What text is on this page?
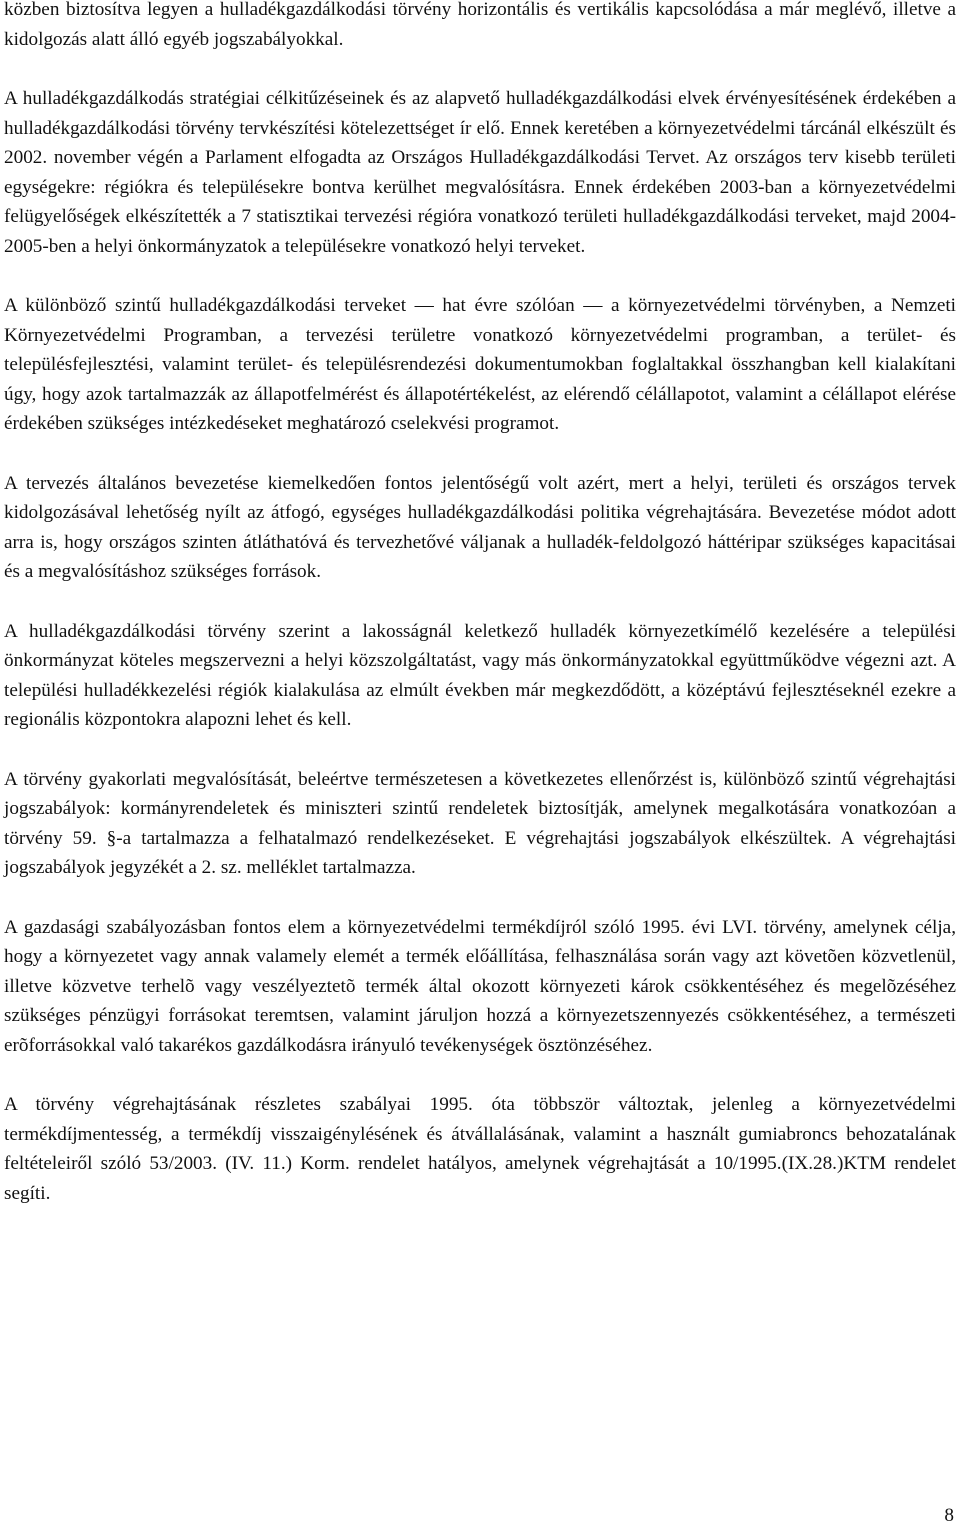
közben biztosítva legyen a hulladékgazdálkodási törvény horizontális és vertikális kapcsolódása a már meglévő, illetve a kidolgozás alatt álló egyéb jogszabályokkal.

A hulladékgazdálkodás stratégiai célkitűzéseinek és az alapvető hulladékgazdálkodási elvek érvényesítésének érdekében a hulladékgazdálkodási törvény tervkészítési kötelezettséget ír elő. Ennek keretében a környezetvédelmi tárcánál elkészült és 2002. november végén a Parlament elfogadta az Országos Hulladékgazdálkodási Tervet. Az országos terv kisebb területi egységekre: régiókra és településekre bontva kerülhet megvalósításra. Ennek érdekében 2003-ban a környezetvédelmi felügyelőségek elkészítették a 7 statisztikai tervezési régióra vonatkozó területi hulladékgazdálkodási terveket, majd 2004-2005-ben a helyi önkormányzatok a településekre vonatkozó helyi terveket.

A különböző szintű hulladékgazdálkodási terveket — hat évre szólóan — a környezetvédelmi törvényben, a Nemzeti Környezetvédelmi Programban, a tervezési területre vonatkozó környezetvédelmi programban, a terület- és településfejlesztési, valamint terület- és településrendezési dokumentumokban foglaltakkal összhangban kell kialakítani úgy, hogy azok tartalmazzák az állapotfelmérést és állapotértékelést, az elérendő célállapotot, valamint a célállapot elérése érdekében szükséges intézkedéseket meghatározó cselekvési programot.

A tervezés általános bevezetése kiemelkedően fontos jelentőségű volt azért, mert a helyi, területi és országos tervek kidolgozásával lehetőség nyílt az átfogó, egységes hulladékgazdálkodási politika végrehajtására. Bevezetése módot adott arra is, hogy országos szinten átláthatóvá és tervezhetővé váljanak a hulladék-feldolgozó háttéripar szükséges kapacitásai és a megvalósításhoz szükséges források.

A hulladékgazdálkodási törvény szerint a lakosságnál keletkező hulladék környezetkímélő kezelésére a települési önkormányzat köteles megszervezni a helyi közszolgáltatást, vagy más önkormányzatokkal együttműködve végezni azt. A települési hulladékkezelési régiók kialakulása az elmúlt években már megkezdődött, a középtávú fejlesztéseknél ezekre a regionális központokra alapozni lehet és kell.

A törvény gyakorlati megvalósítását, beleértve természetesen a következetes ellenőrzést is, különböző szintű végrehajtási jogszabályok: kormányrendeletek és miniszteri szintű rendeletek biztosítják, amelynek megalkotására vonatkozóan a törvény 59. §-a tartalmazza a felhatalmazó rendelkezéseket. E végrehajtási jogszabályok elkészültek. A végrehajtási jogszabályok jegyzékét a 2. sz. melléklet tartalmazza.

A gazdasági szabályozásban fontos elem a környezetvédelmi termékdíjról szóló 1995. évi LVI. törvény, amelynek célja, hogy a környezetet vagy annak valamely elemét a termék előállítása, felhasználása során vagy azt követõen közvetlenül, illetve közvetve terhelõ vagy veszélyeztetõ termék által okozott környezeti károk csökkentéséhez és megelõzéséhez szükséges pénzügyi forrásokat teremtsen, valamint járuljon hozzá a környezetszennyezés csökkentéséhez, a természeti erõforrásokkal való takarékos gazdálkodásra irányuló tevékenységek ösztönzéséhez.

A törvény végrehajtásának részletes szabályai 1995. óta többször változtak, jelenleg a környezetvédelmi termékdíjmentesség, a termékdíj visszaigénylésének és átvállalásának, valamint a használt gumiabroncs behozatalának feltételeiről szóló 53/2003. (IV. 11.) Korm. rendelet hatályos, amelynek végrehajtását a 10/1995.(IX.28.)KTM rendelet segíti.

8
